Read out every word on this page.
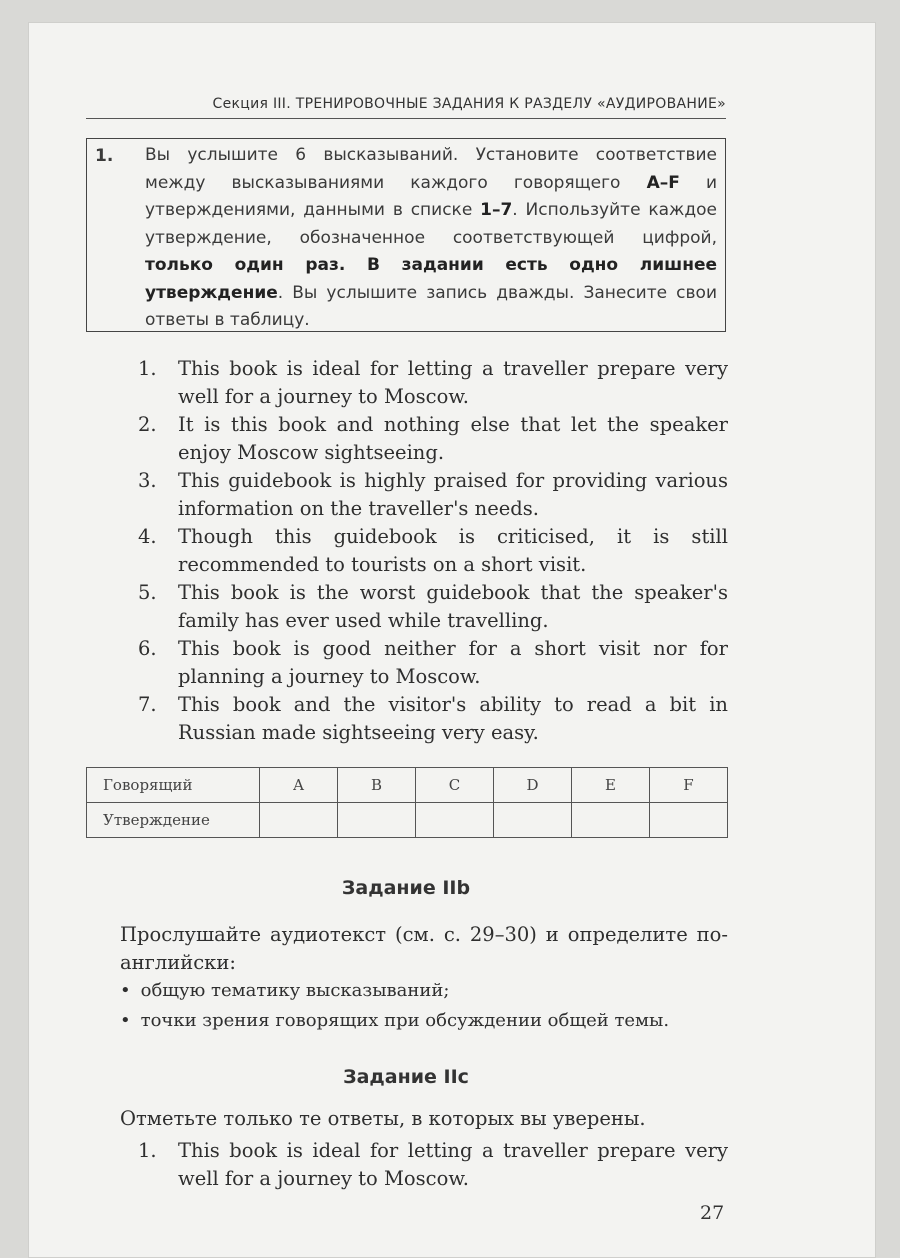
Секция III. ТРЕНИРОВОЧНЫЕ ЗАДАНИЯ К РАЗДЕЛУ «АУДИРОВАНИЕ»
1. Вы услышите 6 высказываний. Установите соответствие между высказываниями каждого говорящего A–F и утверждениями, данными в списке 1–7. Используйте каждое утверждение, обозначенное соответствующей цифрой, только один раз. В задании есть одно лишнее утверждение. Вы услышите запись дважды. Занесите свои ответы в таблицу.
1.	This book is ideal for letting a traveller prepare very well for a journey to Moscow.
2.	It is this book and nothing else that let the speaker enjoy Moscow sightseeing.
3.	This guidebook is highly praised for providing various information on the traveller's needs.
4.	Though this guidebook is criticised, it is still recommended to tourists on a short visit.
5.	This book is the worst guidebook that the speaker's family has ever used while travelling.
6.	This book is good neither for a short visit nor for planning a journey to Moscow.
7.	This book and the visitor's ability to read a bit in Russian made sightseeing very easy.
Говорящий	A	B	C	D	E	F
Утверждение						
Задание IIb
Прослушайте аудиотекст (см. с. 29–30) и определите по-английски:
• общую тематику высказываний;
• точки зрения говорящих при обсуждении общей темы.
Задание IIc
Отметьте только те ответы, в которых вы уверены.
1.	This book is ideal for letting a traveller prepare very well for a journey to Moscow.
27
